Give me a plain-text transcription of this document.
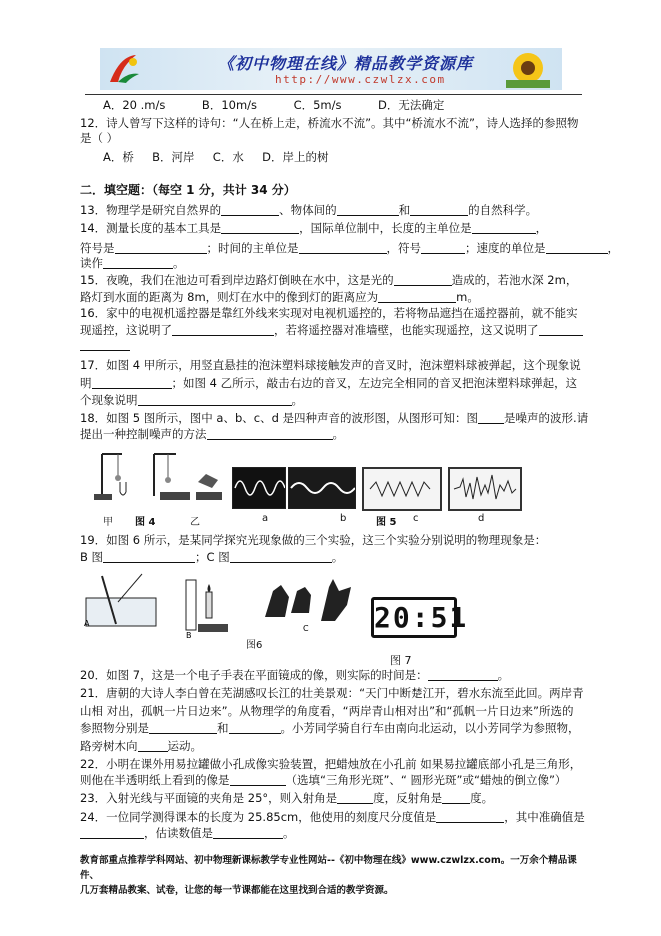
《初中物理在线》精品教学资源库
http://www.czwlzx.com
A．20 .m/s          B．10m/s          C．5m/s          D．无法确定
12．诗人曾写下这样的诗句：“人在桥上走，桥流水不流”。其中“桥流水不流”，诗人选择的参照物
是（ ）
A．桥     B．河岸     C．水     D．岸上的树
二．填空题：（每空 1 分，共计 34 分）
13．物理学是研究自然界的	、物体间的	和	的自然科学。
14．测量长度的基本工具是	，国际单位制中，长度的主单位是	，
符号是	；时间的主单位是	，符号	；速度的单位是	，
读作	。
15．夜晚，我们在池边可看到岸边路灯倒映在水中，这是光的	造成的，若池水深 2m，
路灯到水面的距离为 8m，则灯在水中的像到灯的距离应为	m。
16．家中的电视机遥控器是靠红外线来实现对电视机遥控的，若将物品遮挡在遥控器前，就不能实
现遥控，这说明了	，若将遥控器对准墙壁，也能实现遥控，这又说明了
17．如图 4 甲所示，用竖直悬挂的泡沫塑料球接触发声的音叉时，泡沫塑料球被弹起，这个现象说
明	；如图 4 乙所示，敲击右边的音叉，左边完全相同的音叉把泡沫塑料球弹起，这
个现象说明	。
18．如图 5 图所示，图中 a、b、c、d 是四种声音的波形图，从图形可知：图 是噪声的波形.请
提出一种控制噪声的方法	。
甲 图 4	乙	a	b	图 5 c	d
19．如图 6 所示，是某同学探究光现象做的三个实验，这三个实验分别说明的物理现象是：
B 图	；C 图	。
A
B
C
图6
20:51
图 7
20．如图 7，这是一个电子手表在平面镜成的像，则实际的时间是：	。
21．唐朝的大诗人李白曾在芜湖感叹长江的壮美景观：“天门中断楚江开，碧水东流至此回。两岸青
山相 对出，孤帆一片日边来”。从物理学的角度看，“两岸青山相对出”和“孤帆一片日边来”所选的
参照物分别是	和	。小芳同学骑自行车由南向北运动，以小芳同学为参照物，
路旁树木向	运动。
22．小明在课外用易拉罐做小孔成像实验装置，把蜡烛放在小孔前 如果易拉罐底部小孔是三角形，
则他在半透明纸上看到的像是	（选填“三角形光斑”、“ 圆形光斑”或“蜡烛的倒立像”）
23．入射光线与平面镜的夹角是 25°，则入射角是	度，反射角是 度。
24．一位同学测得课本的长度为 25.85cm，他使用的刻度尺分度值是	，其中准确值是
，估读数值是	。
教育部重点推荐学科网站、初中物理新课标教学专业性网站--《初中物理在线》www.czwlzx.com。一万余个精品课件、
几万套精品教案、试卷，让您的每一节课都能在这里找到合适的教学资源。
